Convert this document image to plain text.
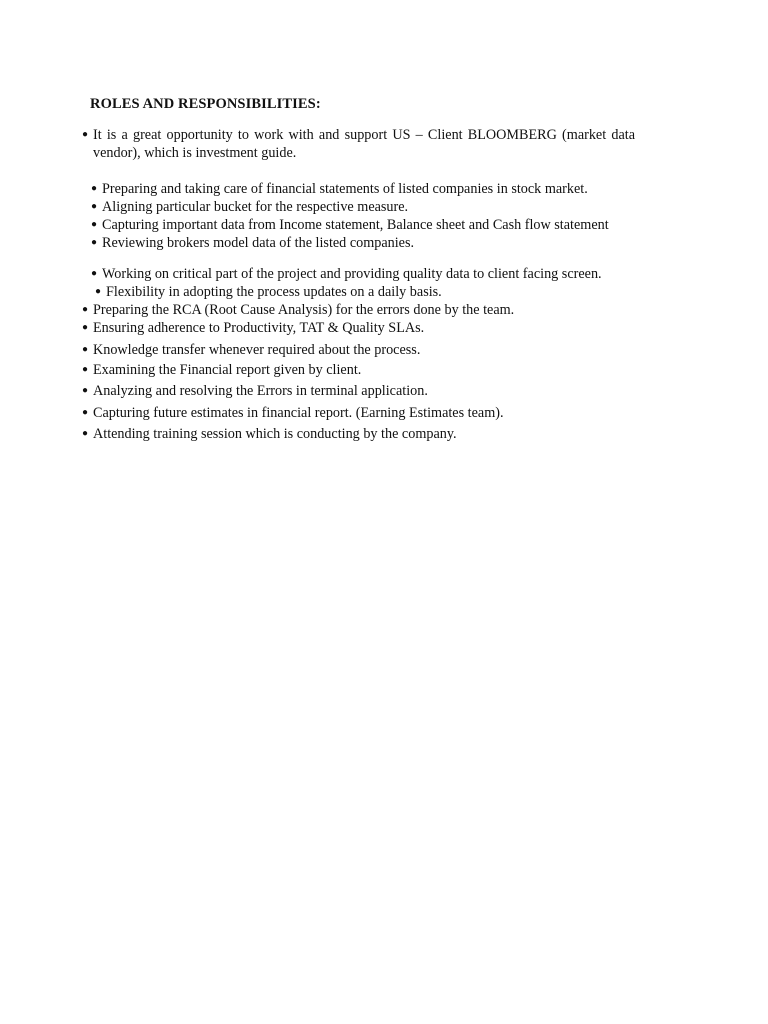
ROLES AND RESPONSIBILITIES:
● It is a great opportunity to work with and support US – Client BLOOMBERG (market data vendor), which is investment guide.
● Preparing and taking care of financial statements of listed companies in stock market.
● Aligning particular bucket for the respective measure.
● Capturing important data from Income statement, Balance sheet and Cash flow statement
● Reviewing brokers model data of the listed companies.
● Working on critical part of the project and providing quality data to client facing screen.
● Flexibility in adopting the process updates on a daily basis.
● Preparing the RCA (Root Cause Analysis) for the errors done by the team.
● Ensuring adherence to Productivity, TAT & Quality SLAs.
● Knowledge transfer whenever required about the process.
● Examining the Financial report given by client.
● Analyzing and resolving the Errors in terminal application.
● Capturing future estimates in financial report. (Earning Estimates team).
● Attending training session which is conducting by the company.
